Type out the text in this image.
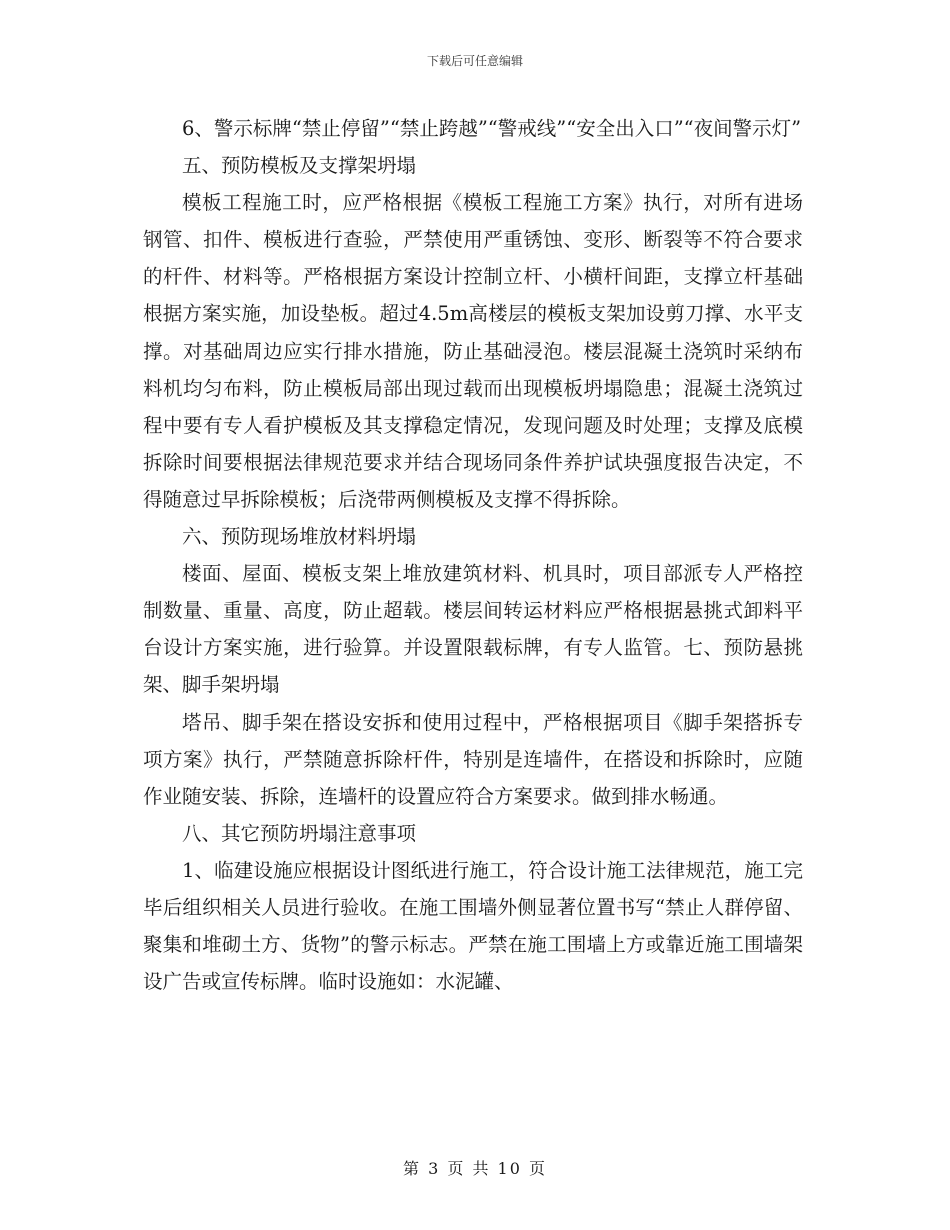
下载后可任意编辑

6、警示标牌“禁止停留”“禁止跨越”“警戒线”“安全出入口”“夜间警示灯”

五、预防模板及支撑架坍塌

模板工程施工时，应严格根据《模板工程施工方案》执行，对所有进场钢管、扣件、模板进行查验，严禁使用严重锈蚀、变形、断裂等不符合要求的杆件、材料等。严格根据方案设计控制立杆、小横杆间距，支撑立杆基础根据方案实施，加设垫板。超过4.5m高楼层的模板支架加设剪刀撑、水平支撑。对基础周边应实行排水措施，防止基础浸泡。楼层混凝土浇筑时采纳布料机均匀布料，防止模板局部出现过载而出现模板坍塌隐患；混凝土浇筑过程中要有专人看护模板及其支撑稳定情况，发现问题及时处理；支撑及底模拆除时间要根据法律规范要求并结合现场同条件养护试块强度报告决定，不得随意过早拆除模板；后浇带两侧模板及支撑不得拆除。

六、预防现场堆放材料坍塌

楼面、屋面、模板支架上堆放建筑材料、机具时，项目部派专人严格控制数量、重量、高度，防止超载。楼层间转运材料应严格根据悬挑式卸料平台设计方案实施，进行验算。并设置限载标牌，有专人监管。七、预防悬挑架、脚手架坍塌

塔吊、脚手架在搭设安拆和使用过程中，严格根据项目《脚手架搭拆专项方案》执行，严禁随意拆除杆件，特别是连墙件，在搭设和拆除时，应随作业随安装、拆除，连墙杆的设置应符合方案要求。做到排水畅通。

八、其它预防坍塌注意事项

1、临建设施应根据设计图纸进行施工，符合设计施工法律规范，施工完毕后组织相关人员进行验收。在施工围墙外侧显著位置书写“禁止人群停留、聚集和堆砌土方、货物”的警示标志。严禁在施工围墙上方或靠近施工围墙架设广告或宣传标牌。临时设施如：水泥罐、

第 3 页 共 10 页
